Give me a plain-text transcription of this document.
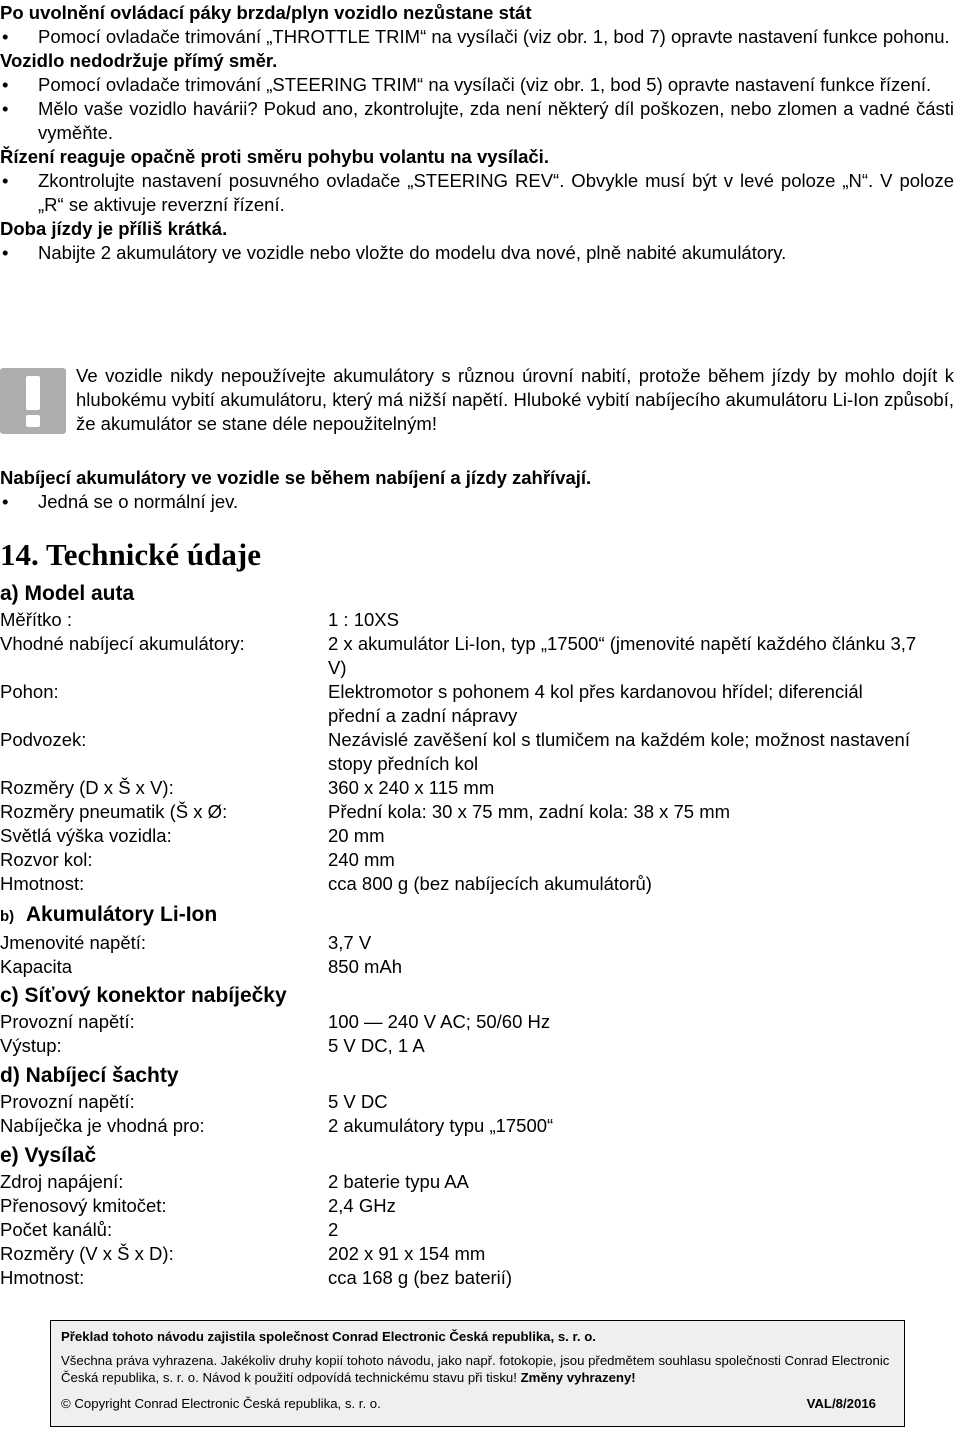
Po uvolnění ovládací páky brzda/plyn vozidlo nezůstane stát

•	Pomocí ovladače trimování „THROTTLE TRIM“ na vysílači (viz obr. 1, bod 7) opravte nastavení funkce pohonu.

Vozidlo nedodržuje přímý směr.

•	Pomocí ovladače trimování „STEERING TRIM“ na vysílači (viz obr. 1, bod 5) opravte nastavení funkce řízení.
•	Mělo vaše vozidlo havárii? Pokud ano, zkontrolujte, zda není některý díl poškozen, nebo zlomen a vadné části vyměňte.

Řízení reaguje opačně proti směru pohybu volantu na vysílači.

•	Zkontrolujte nastavení posuvného ovladače „STEERING REV“. Obvykle musí být v levé poloze „N“. V poloze „R“ se aktivuje reverzní řízení.

Doba jízdy je příliš krátká.

•	Nabijte 2 akumulátory ve vozidle nebo vložte do modelu dva nové, plně nabité akumulátory.
Ve vozidle nikdy nepoužívejte akumulátory s různou úrovní nabití, protože během jízdy by mohlo dojít k hlubokému vybití akumulátoru, který má nižší napětí. Hluboké vybití nabíjecího akumulátoru Li-Ion způsobí, že akumulátor se stane déle nepoužitelným!

Nabíjecí akumulátory ve vozidle se během nabíjení a jízdy zahřívají.

•	Jedná se o normální jev.
14. Technické údaje

a) Model auta

Měřítko :	1 : 10XS
Vhodné nabíjecí akumulátory:	2 x akumulátor Li-Ion, typ „17500“ (jmenovité napětí každého článku 3,7 V)
Pohon:	Elektromotor s pohonem 4 kol přes kardanovou hřídel; diferenciál přední a zadní nápravy
Podvozek:	Nezávislé zavěšení kol s tlumičem na každém kole; možnost nastavení stopy předních kol
Rozměry (D x Š x V):	360 x 240 x 115 mm
Rozměry pneumatik (Š x Ø:	Přední kola: 30 x 75 mm, zadní kola: 38 x 75 mm
Světlá výška vozidla:	20 mm
Rozvor kol:	240 mm
Hmotnost:	cca 800 g (bez nabíjecích akumulátorů)

b) Akumulátory Li-Ion

Jmenovité napětí:	3,7 V
Kapacita	850 mAh

c) Síťový konektor nabíječky

Provozní napětí:	100 — 240 V AC; 50/60 Hz
Výstup:	5 V DC, 1 A

d) Nabíjecí šachty

Provozní napětí:	5 V DC
Nabíječka je vhodná pro:	2 akumulátory typu „17500“

e) Vysílač

Zdroj napájení:	2 baterie typu AA
Přenosový kmitočet:	2,4 GHz
Počet kanálů:	2
Rozměry (V x Š x D):	202 x 91 x 154 mm
Hmotnost:	cca 168 g (bez baterií)

Překlad tohoto návodu zajistila společnost Conrad Electronic Česká republika, s. r. o.

Všechna práva vyhrazena. Jakékoliv druhy kopií tohoto návodu, jako např. fotokopie, jsou předmětem souhlasu společnosti Conrad Electronic Česká republika, s. r. o. Návod k použití odpovídá technickému stavu při tisku! Změny vyhrazeny!

© Copyright Conrad Electronic Česká republika, s. r. o.	VAL/8/2016
